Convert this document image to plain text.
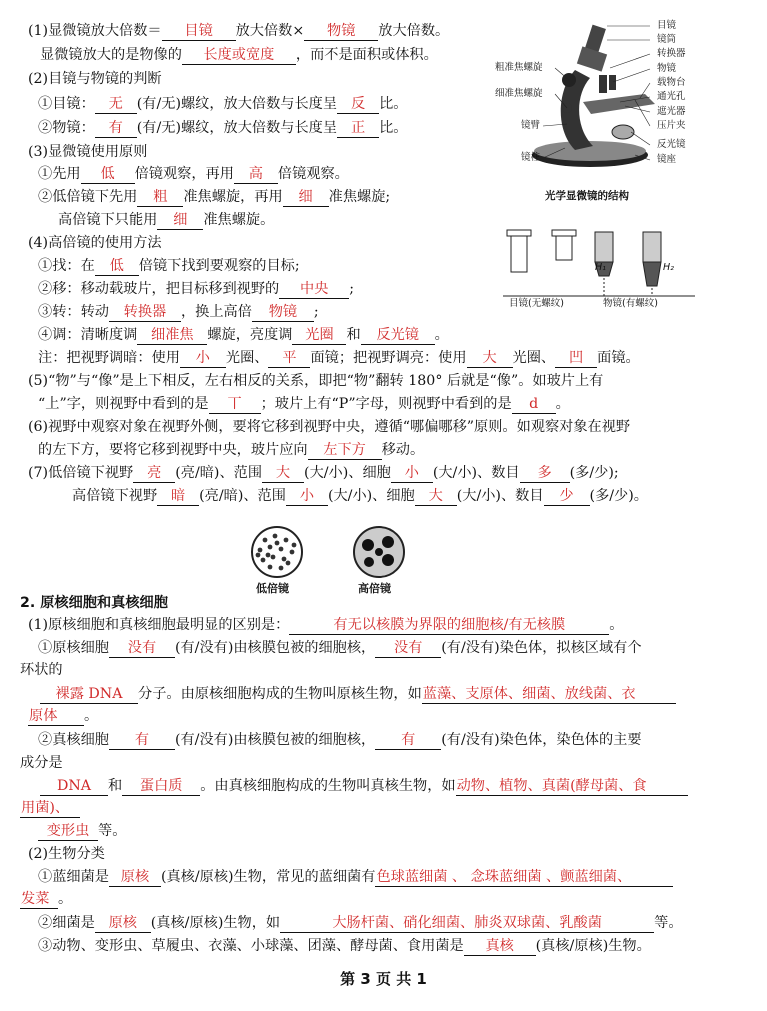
(1)显微镜放大倍数＝ 目镜 放大倍数× 物镜 放大倍数。
显微镜放大的是物像的 长度或宽度 ，而不是面积或体积。
(2)目镜与物镜的判断
①目镜： 无 (有/无)螺纹，放大倍数与长度呈 反 比。
②物镜： 有 (有/无)螺纹，放大倍数与长度呈 正 比。
(3)显微镜使用原则
①先用 低 倍镜观察，再用 高 倍镜观察。
②低倍镜下先用 粗 准焦螺旋，再用 细 准焦螺旋;
高倍镜下只能用 细 准焦螺旋。
(4)高倍镜的使用方法
①找：在 低 倍镜下找到要观察的目标;
②移：移动载玻片，把目标移到视野的 中央 ;
③转：转动 转换器 ，换上高倍 物镜 ;
④调：清晰度调 细准焦 螺旋，亮度调 光圈 和 反光镜 。
注：把视野调暗：使用 小 光圈、 平 面镜；把视野调亮：使用 大 光圈、 凹 面镜。
(5)“物”与“像”是上下相反，左右相反的关系，即把“物”翻转 180° 后就是“像”。如玻片上有
“上”字，则视野中看到的是 丅 ；玻片上有“P”字母，则视野中看到的是 d 。
(6)视野中观察对象在视野外侧，要将它移到视野中央，遵循“哪偏哪移”原则。如观察对象在视野
的左下方，要将它移到视野中央，玻片应向 左下方 移动。
(7)低倍镜下视野 亮 (亮/暗)、范围 大 (大/小)、细胞 小 (大/小)、数目 多 (多/少);
高倍镜下视野 暗 (亮/暗)、范围 小 (大/小)、细胞 大 (大/小)、数目 少 (多/少)。
目镜
镜筒
转换器
物镜
载物台
通光孔
遮光器
压片夹
反光镜
镜座
粗准焦螺旋
细准焦螺旋
镜臂
镜柱
光学显微镜的结构
H₁	H₂
目镜(无螺纹)	物镜(有螺纹)
低倍镜	高倍镜
2. 原核细胞和真核细胞
(1)原核细胞和真核细胞最明显的区别是：	有无以核膜为界限的细胞核/有无核膜	。
①原核细胞 没有 (有/没有)由核膜包被的细胞核， 没有 (有/没有)染色体，拟核区域有个
环状的
裸露 DNA 分子。由原核细胞构成的生物叫原核生物，如蓝藻、支原体、细菌、放线菌、衣
原体 。
②真核细胞 有 (有/没有)由核膜包被的细胞核， 有 (有/没有)染色体，染色体的主要
成分是
DNA 和 蛋白质 。由真核细胞构成的生物叫真核生物，如动物、植物、真菌(酵母菌、食
用菌)、
变形虫 等。
(2)生物分类
①蓝细菌是 原核 (真核/原核)生物，常见的蓝细菌有色球蓝细菌 、 念珠蓝细菌 、颤蓝细菌、
发菜 。
②细菌是 原核 (真核/原核)生物，如	大肠杆菌、硝化细菌、肺炎双球菌、乳酸菌	等。
③动物、变形虫、草履虫、衣藻、小球藻、团藻、酵母菌、食用菌是 真核 (真核/原核)生物。
第 3 页 共 1
